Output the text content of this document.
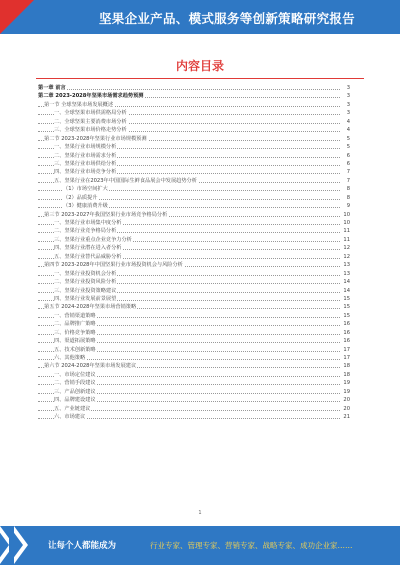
坚果企业产品、模式服务等创新策略研究报告
内容目录
第一章 前言	3
第二章 2023-2028年坚果市场需求趋势预测	3
第一节 全球坚果市场发展概述	3
一、全球坚果市场供需格局分析	3
二、全球坚果主要消费市场分析	4
三、全球坚果市场价格走势分析	4
第二节 2023-2028年坚果行业市场规模预测	5
一、坚果行业市场规模分析	5
二、坚果行业市场需求分析	6
三、坚果行业市场供给分析	6
四、坚果行业市场竞争分析	7
五、坚果行业在2023年中国国际生鲜食品展会中发展趋势分析	7
（1）市场空间扩大	8
（2）品质提升	8
（3）健康消费升级	9
第三节 2023-2027年我国坚果行业市场竞争格局分析	10
一、坚果行业市场集中度分析	10
二、坚果行业竞争格局分析	11
三、坚果行业重点企业竞争力分析	11
四、坚果行业潜在进入者分析	12
五、坚果行业替代品威胁分析	12
第四节 2023-2028年中国坚果行业市场投资机会与风险分析	13
一、坚果行业投资机会分析	13
二、坚果行业投资风险分析	14
三、坚果行业投资策略建议	14
四、坚果行业发展前景展望	15
第五节 2024-2028年坚果市场营销策略	15
一、营销渠道策略	15
二、品牌推广策略	16
三、价格竞争策略	16
四、渠道拓展策略	16
五、技术创新策略	17
六、其他策略	17
第六节 2024-2028年坚果市场发展建议	18
一、市场定位建议	18
二、营销手段建议	19
三、产品创新建议	19
四、品牌建设建议	20
五、产业链建议	20
六、市场建议	21
1
让每个人都能成为	行业专家、管理专家、营销专家、战略专家、成功企业家……
